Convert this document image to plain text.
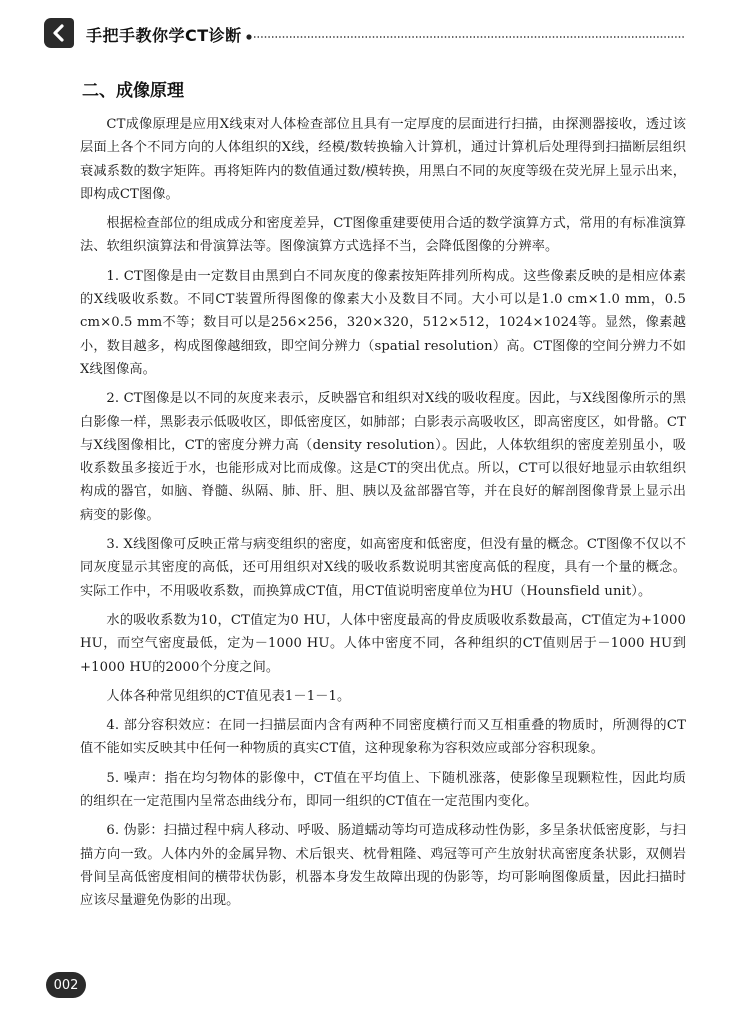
手把手教你学CT诊断
二、成像原理

CT成像原理是应用X线束对人体检查部位且具有一定厚度的层面进行扫描，由探测器接收，透过该层面上各个不同方向的人体组织的X线，经模/数转换输入计算机，通过计算机后处理得到扫描断层组织衰减系数的数字矩阵。再将矩阵内的数值通过数/模转换，用黑白不同的灰度等级在荧光屏上显示出来，即构成CT图像。

根据检查部位的组成成分和密度差异，CT图像重建要使用合适的数学演算方式，常用的有标准演算法、软组织演算法和骨演算法等。图像演算方式选择不当，会降低图像的分辨率。

1. CT图像是由一定数目由黑到白不同灰度的像素按矩阵排列所构成。这些像素反映的是相应体素的X线吸收系数。不同CT装置所得图像的像素大小及数目不同。大小可以是1.0 cm×1.0 mm，0.5 cm×0.5 mm不等；数目可以是256×256，320×320，512×512，1024×1024等。显然，像素越小，数目越多，构成图像越细致，即空间分辨力（spatial resolution）高。CT图像的空间分辨力不如X线图像高。

2. CT图像是以不同的灰度来表示，反映器官和组织对X线的吸收程度。因此，与X线图像所示的黑白影像一样，黑影表示低吸收区，即低密度区，如肺部；白影表示高吸收区，即高密度区，如骨骼。CT与X线图像相比，CT的密度分辨力高（density resolution）。因此，人体软组织的密度差别虽小，吸收系数虽多接近于水，也能形成对比而成像。这是CT的突出优点。所以，CT可以很好地显示由软组织构成的器官，如脑、脊髓、纵隔、肺、肝、胆、胰以及盆部器官等，并在良好的解剖图像背景上显示出病变的影像。

3. X线图像可反映正常与病变组织的密度，如高密度和低密度，但没有量的概念。CT图像不仅以不同灰度显示其密度的高低，还可用组织对X线的吸收系数说明其密度高低的程度，具有一个量的概念。实际工作中，不用吸收系数，而换算成CT值，用CT值说明密度单位为HU（Hounsfield unit）。

水的吸收系数为10，CT值定为0 HU，人体中密度最高的骨皮质吸收系数最高，CT值定为+1000 HU，而空气密度最低，定为－1000 HU。人体中密度不同，各种组织的CT值则居于－1000 HU到+1000 HU的2000个分度之间。

人体各种常见组织的CT值见表1－1－1。

4. 部分容积效应：在同一扫描层面内含有两种不同密度横行而又互相重叠的物质时，所测得的CT值不能如实反映其中任何一种物质的真实CT值，这种现象称为容积效应或部分容积现象。

5. 噪声：指在均匀物体的影像中，CT值在平均值上、下随机涨落，使影像呈现颗粒性，因此均质的组织在一定范围内呈常态曲线分布，即同一组织的CT值在一定范围内变化。

6. 伪影：扫描过程中病人移动、呼吸、肠道蠕动等均可造成移动性伪影，多呈条状低密度影，与扫描方向一致。人体内外的金属异物、术后银夹、枕骨粗隆、鸡冠等可产生放射状高密度条状影，双侧岩骨间呈高低密度相间的横带状伪影，机器本身发生故障出现的伪影等，均可影响图像质量，因此扫描时应该尽量避免伪影的出现。

002
